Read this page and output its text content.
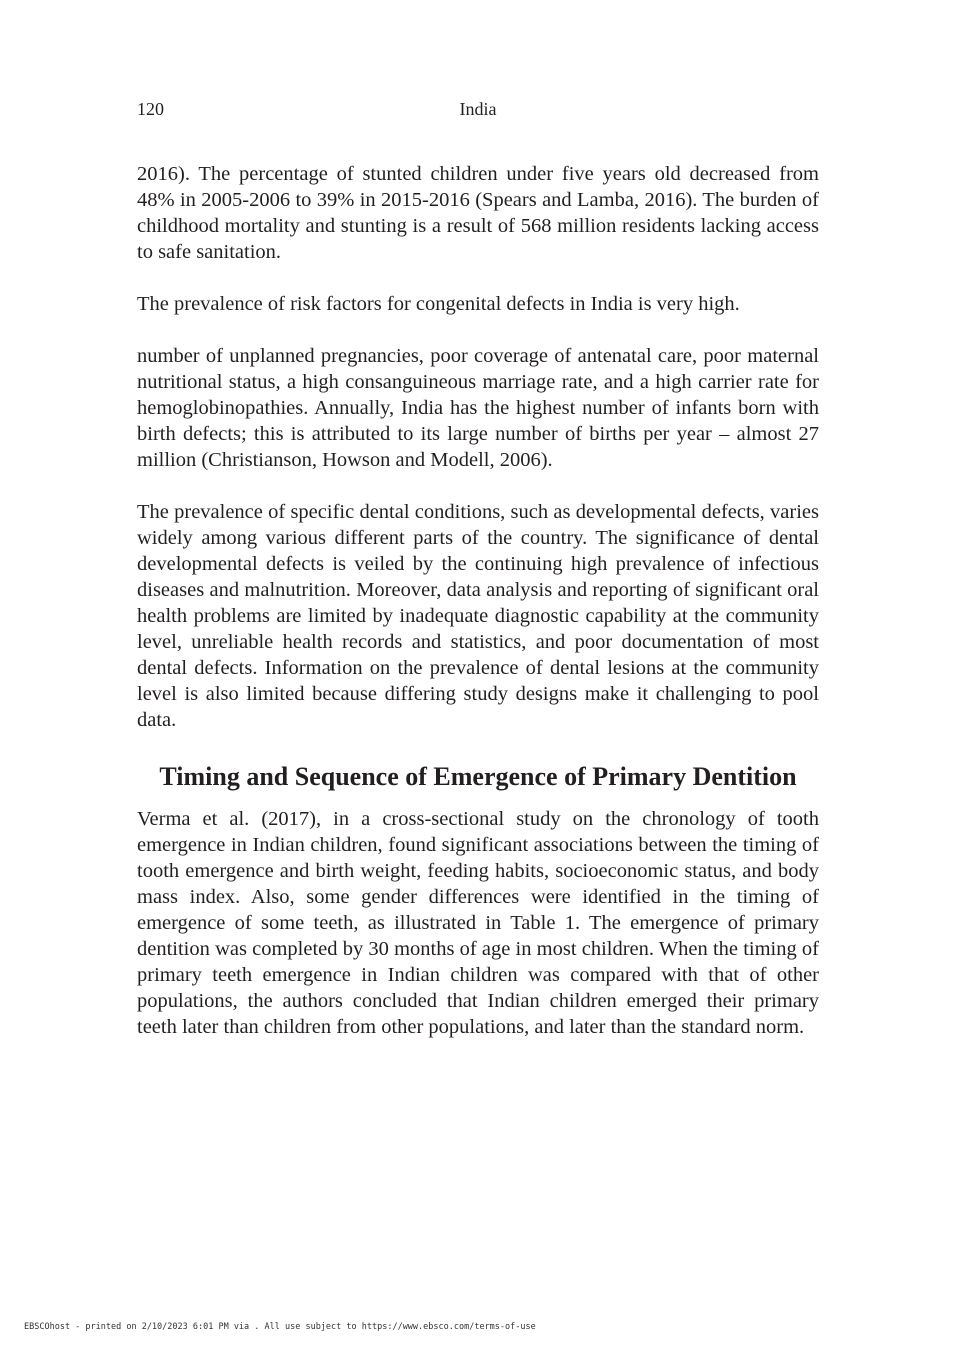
120	India

2016). The percentage of stunted children under five years old decreased from 48% in 2005-2006 to 39% in 2015-2016 (Spears and Lamba, 2016). The burden of childhood mortality and stunting is a result of 568 million residents lacking access to safe sanitation.

The prevalence of risk factors for congenital defects in India is very high.

number of unplanned pregnancies, poor coverage of antenatal care, poor maternal nutritional status, a high consanguineous marriage rate, and a high carrier rate for hemoglobinopathies. Annually, India has the highest number of infants born with birth defects; this is attributed to its large number of births per year – almost 27 million (Christianson, Howson and Modell, 2006).

The prevalence of specific dental conditions, such as developmental defects, varies widely among various different parts of the country. The significance of dental developmental defects is veiled by the continuing high prevalence of infectious diseases and malnutrition. Moreover, data analysis and reporting of significant oral health problems are limited by inadequate diagnostic capability at the community level, unreliable health records and statistics, and poor documentation of most dental defects. Information on the prevalence of dental lesions at the community level is also limited because differing study designs make it challenging to pool data.

Timing and Sequence of Emergence of Primary Dentition

Verma et al. (2017), in a cross-sectional study on the chronology of tooth emergence in Indian children, found significant associations between the timing of tooth emergence and birth weight, feeding habits, socioeconomic status, and body mass index. Also, some gender differences were identified in the timing of emergence of some teeth, as illustrated in Table 1. The emergence of primary dentition was completed by 30 months of age in most children. When the timing of primary teeth emergence in Indian children was compared with that of other populations, the authors concluded that Indian children emerged their primary teeth later than children from other populations, and later than the standard norm.

EBSCOhost - printed on 2/10/2023 6:01 PM via . All use subject to https://www.ebsco.com/terms-of-use
